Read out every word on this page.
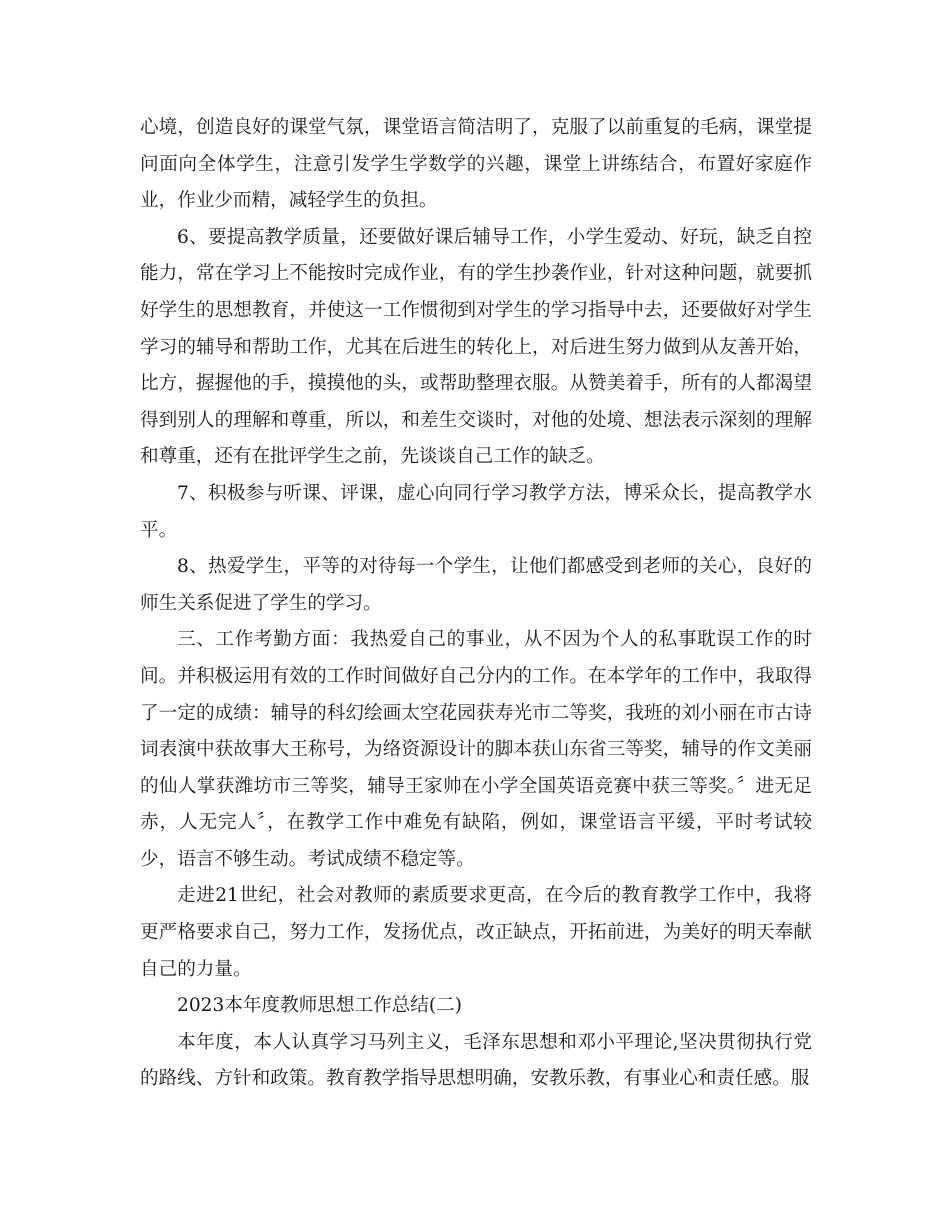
心境，创造良好的课堂气氛，课堂语言简洁明了，克服了以前重复的毛病，课堂提问面向全体学生，注意引发学生学数学的兴趣，课堂上讲练结合，布置好家庭作业，作业少而精，减轻学生的负担。

6、要提高教学质量，还要做好课后辅导工作，小学生爱动、好玩，缺乏自控能力，常在学习上不能按时完成作业，有的学生抄袭作业，针对这种问题，就要抓好学生的思想教育，并使这一工作惯彻到对学生的学习指导中去，还要做好对学生学习的辅导和帮助工作，尤其在后进生的转化上，对后进生努力做到从友善开始，比方，握握他的手，摸摸他的头，或帮助整理衣服。从赞美着手，所有的人都渴望得到别人的理解和尊重，所以，和差生交谈时，对他的处境、想法表示深刻的理解和尊重，还有在批评学生之前，先谈谈自己工作的缺乏。

7、积极参与听课、评课，虚心向同行学习教学方法，博采众长，提高教学水平。

8、热爱学生，平等的对待每一个学生，让他们都感受到老师的关心，良好的师生关系促进了学生的学习。

三、工作考勤方面：我热爱自己的事业，从不因为个人的私事耽误工作的时间。并积极运用有效的工作时间做好自己分内的工作。在本学年的工作中，我取得了一定的成绩：辅导的科幻绘画太空花园获寿光市二等奖，我班的刘小丽在市古诗词表演中获故事大王称号，为络资源设计的脚本获山东省三等奖，辅导的作文美丽的仙人掌获潍坊市三等奖，辅导王家帅在小学全国英语竞赛中获三等奖。〞进无足赤，人无完人〞，在教学工作中难免有缺陷，例如，课堂语言平缓，平时考试较少，语言不够生动。考试成绩不稳定等。

走进21世纪，社会对教师的素质要求更高，在今后的教育教学工作中，我将更严格要求自己，努力工作，发扬优点，改正缺点，开拓前进，为美好的明天奉献自己的力量。

2023本年度教师思想工作总结(二)

本年度，本人认真学习马列主义，毛泽东思想和邓小平理论,坚决贯彻执行党的路线、方针和政策。教育教学指导思想明确，安教乐教，有事业心和责任感。服
